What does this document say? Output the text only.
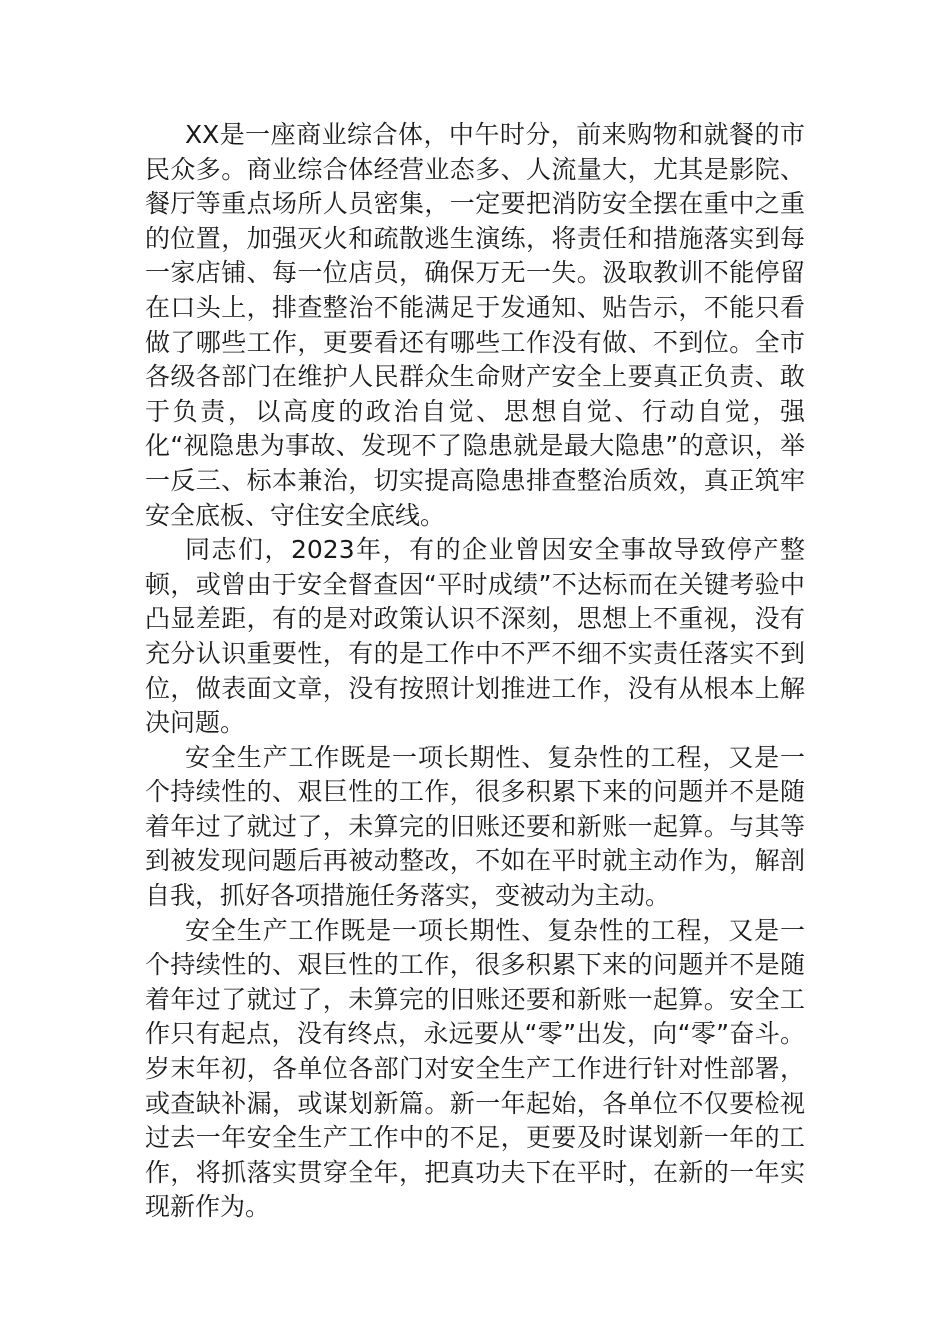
XX是一座商业综合体，中午时分，前来购物和就餐的市民众多。商业综合体经营业态多、人流量大，尤其是影院、餐厅等重点场所人员密集，一定要把消防安全摆在重中之重的位置，加强灭火和疏散逃生演练，将责任和措施落实到每一家店铺、每一位店员，确保万无一失。汲取教训不能停留在口头上，排查整治不能满足于发通知、贴告示，不能只看做了哪些工作，更要看还有哪些工作没有做、不到位。全市各级各部门在维护人民群众生命财产安全上要真正负责、敢于负责，以高度的政治自觉、思想自觉、行动自觉，强化“视隐患为事故、发现不了隐患就是最大隐患”的意识，举一反三、标本兼治，切实提高隐患排查整治质效，真正筑牢安全底板、守住安全底线。

同志们，2023年，有的企业曾因安全事故导致停产整顿，或曾由于安全督查因“平时成绩”不达标而在关键考验中凸显差距，有的是对政策认识不深刻，思想上不重视，没有充分认识重要性，有的是工作中不严不细不实责任落实不到位，做表面文章，没有按照计划推进工作，没有从根本上解决问题。

安全生产工作既是一项长期性、复杂性的工程，又是一个持续性的、艰巨性的工作，很多积累下来的问题并不是随着年过了就过了，未算完的旧账还要和新账一起算。与其等到被发现问题后再被动整改，不如在平时就主动作为，解剖自我，抓好各项措施任务落实，变被动为主动。

安全生产工作既是一项长期性、复杂性的工程，又是一个持续性的、艰巨性的工作，很多积累下来的问题并不是随着年过了就过了，未算完的旧账还要和新账一起算。安全工作只有起点，没有终点，永远要从“零”出发，向“零”奋斗。岁末年初，各单位各部门对安全生产工作进行针对性部署，或查缺补漏，或谋划新篇。新一年起始，各单位不仅要检视过去一年安全生产工作中的不足，更要及时谋划新一年的工作，将抓落实贯穿全年，把真功夫下在平时，在新的一年实现新作为。
